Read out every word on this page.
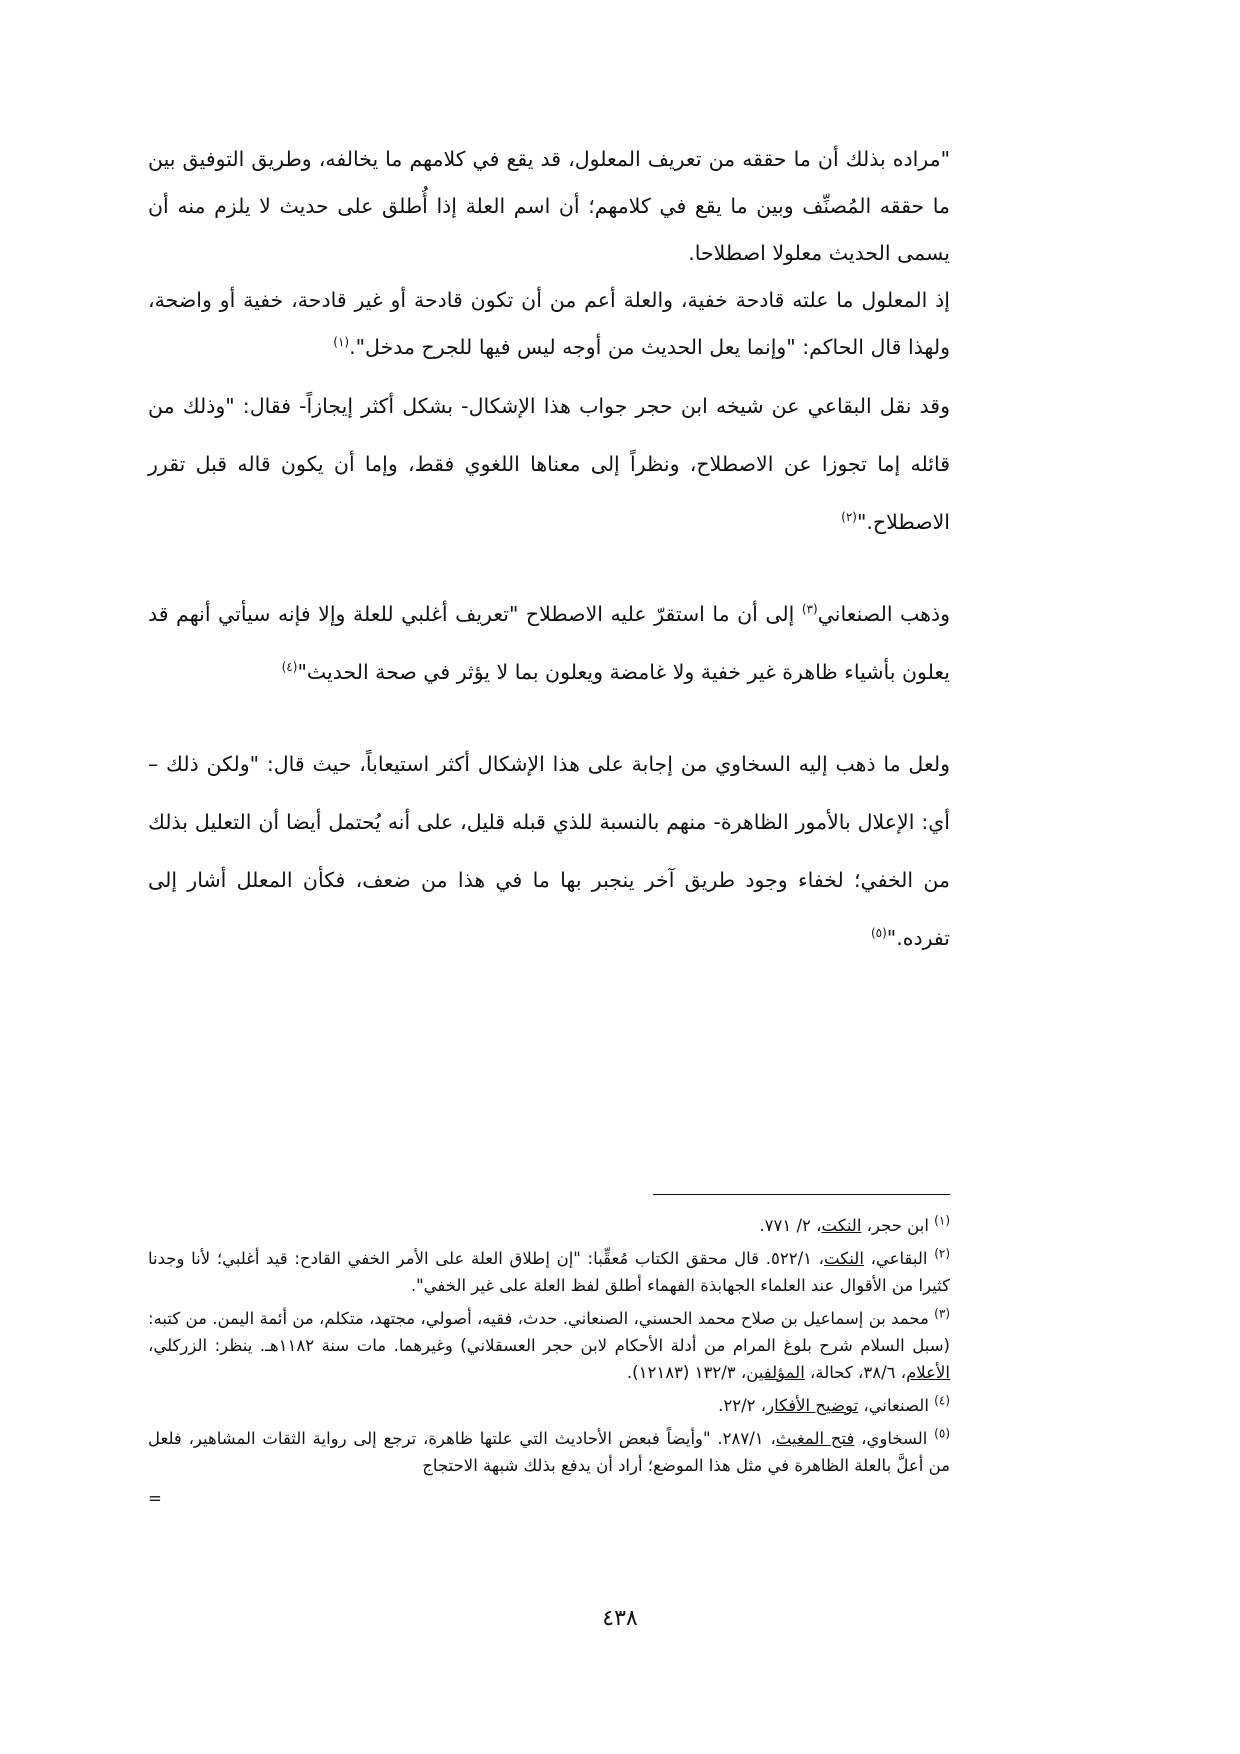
"مراده بذلك أن ما حققه من تعريف المعلول، قد يقع في كلامهم ما يخالفه، وطريق التوفيق بين ما حققه المُصنِّف وبين ما يقع في كلامهم؛ أن اسم العلة إذا أُطلق على حديث لا يلزم منه أن يسمى الحديث معلولا اصطلاحا.

إذ المعلول ما علته قادحة خفية، والعلة أعم من أن تكون قادحة أو غير قادحة، خفية أو واضحة، ولهذا قال الحاكم: "وإنما يعل الحديث من أوجه ليس فيها للجرح مدخل".$^{(١)}$

وقد نقل البقاعي عن شيخه ابن حجر جواب هذا الإشكال- بشكل أكثر إيجازاً- فقال: "وذلك من قائله إما تجوزا عن الاصطلاح، ونظراً إلى معناها اللغوي فقط، وإما أن يكون قاله قبل تقرر الاصطلاح."$^{(٢)}$

وذهب الصنعاني$^{(٣)}$ إلى أن ما استقرّ عليه الاصطلاح "تعريف أغلبي للعلة وإلا فإنه سيأتي أنهم قد يعلون بأشياء ظاهرة غير خفية ولا غامضة ويعلون بما لا يؤثر في صحة الحديث"$^{(٤)}$

ولعل ما ذهب إليه السخاوي من إجابة على هذا الإشكال أكثر استيعاباً، حيث قال: "ولكن ذلك – أي: الإعلال بالأمور الظاهرة- منهم بالنسبة للذي قبله قليل، على أنه يُحتمل أيضا أن التعليل بذلك من الخفي؛ لخفاء وجود طريق آخر ينجبر بها ما في هذا من ضعف، فكأن المعلل أشار إلى تفرده."$^{(٥)}$

$^{(١)}$ ابن حجر، النكت، ٢/ ٧٧١.

$^{(٢)}$ البقاعي، النكت، ٥٢٢/١. قال محقق الكتاب مُعقِّبا: "إن إطلاق العلة على الأمر الخفي القادح: قيد أغلبي؛ لأنا وجدنا كثيرا من الأقوال عند العلماء الجهابذة الفهماء أطلق لفظ العلة على غير الخفي".

$^{(٣)}$ محمد بن إسماعيل بن صلاح محمد الحسني، الصنعاني. حدث، فقيه، أصولي، مجتهد، متكلم، من أئمة اليمن. من كتبه: (سبل السلام شرح بلوغ المرام من أدلة الأحكام لابن حجر العسقلاني) وغيرهما. مات سنة ١١٨٢هـ. ينظر: الزركلي، الأعلام، ٣٨/٦، كحالة، المؤلفين، ١٣٢/٣ (١٢١٨٣).

$^{(٤)}$ الصنعاني، توضيح الأفكار، ٢٢/٢.

$^{(٥)}$ السخاوي، فتح المغيث، ٢٨٧/١. "وأيضاً فبعض الأحاديث التي علتها ظاهرة، ترجع إلى رواية الثقات المشاهير، فلعل من أعلَّ بالعلة الظاهرة في مثل هذا الموضع؛ أراد أن يدفع بذلك شبهة الاحتجاج

=

٤٣٨
